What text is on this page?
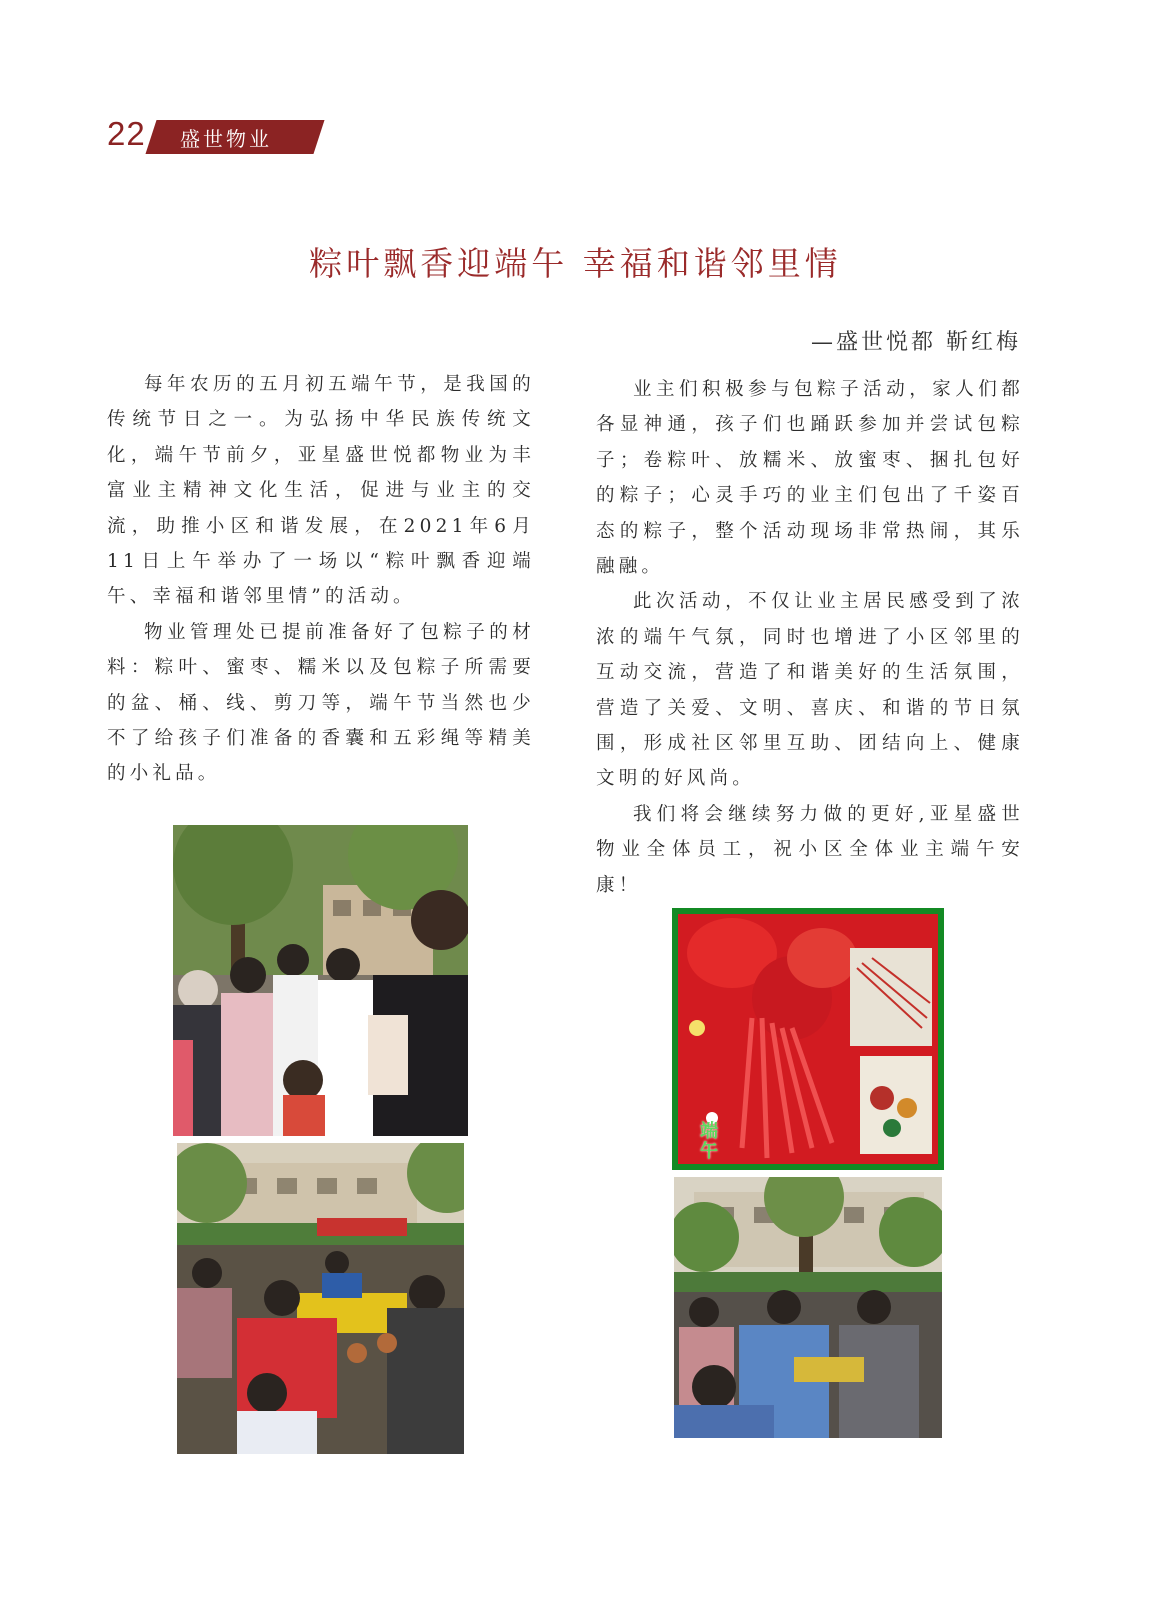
22 盛世物业
粽叶飘香迎端午 幸福和谐邻里情
—盛世悦都 靳红梅

每年农历的五月初五端午节，是我国的传统节日之一。为弘扬中华民族传统文化，端午节前夕，亚星盛世悦都物业为丰富业主精神文化生活，促进与业主的交流，助推小区和谐发展，在2021年6月11日上午举办了一场以“粽叶飘香迎端午、幸福和谐邻里情”的活动。

物业管理处已提前准备好了包粽子的材料：粽叶、蜜枣、糯米以及包粽子所需要的盆、桶、线、剪刀等，端午节当然也少不了给孩子们准备的香囊和五彩绳等精美的小礼品。

业主们积极参与包粽子活动，家人们都各显神通，孩子们也踊跃参加并尝试包粽子；卷粽叶、放糯米、放蜜枣、捆扎包好的粽子；心灵手巧的业主们包出了千姿百态的粽子，整个活动现场非常热闹，其乐融融。

此次活动，不仅让业主居民感受到了浓浓的端午气氛，同时也增进了小区邻里的互动交流，营造了和谐美好的生活氛围，营造了关爱、文明、喜庆、和谐的节日氛围，形成社区邻里互助、团结向上、健康文明的好风尚。

我们将会继续努力做的更好,亚星盛世物业全体员工，祝小区全体业主端午安康！

端午
